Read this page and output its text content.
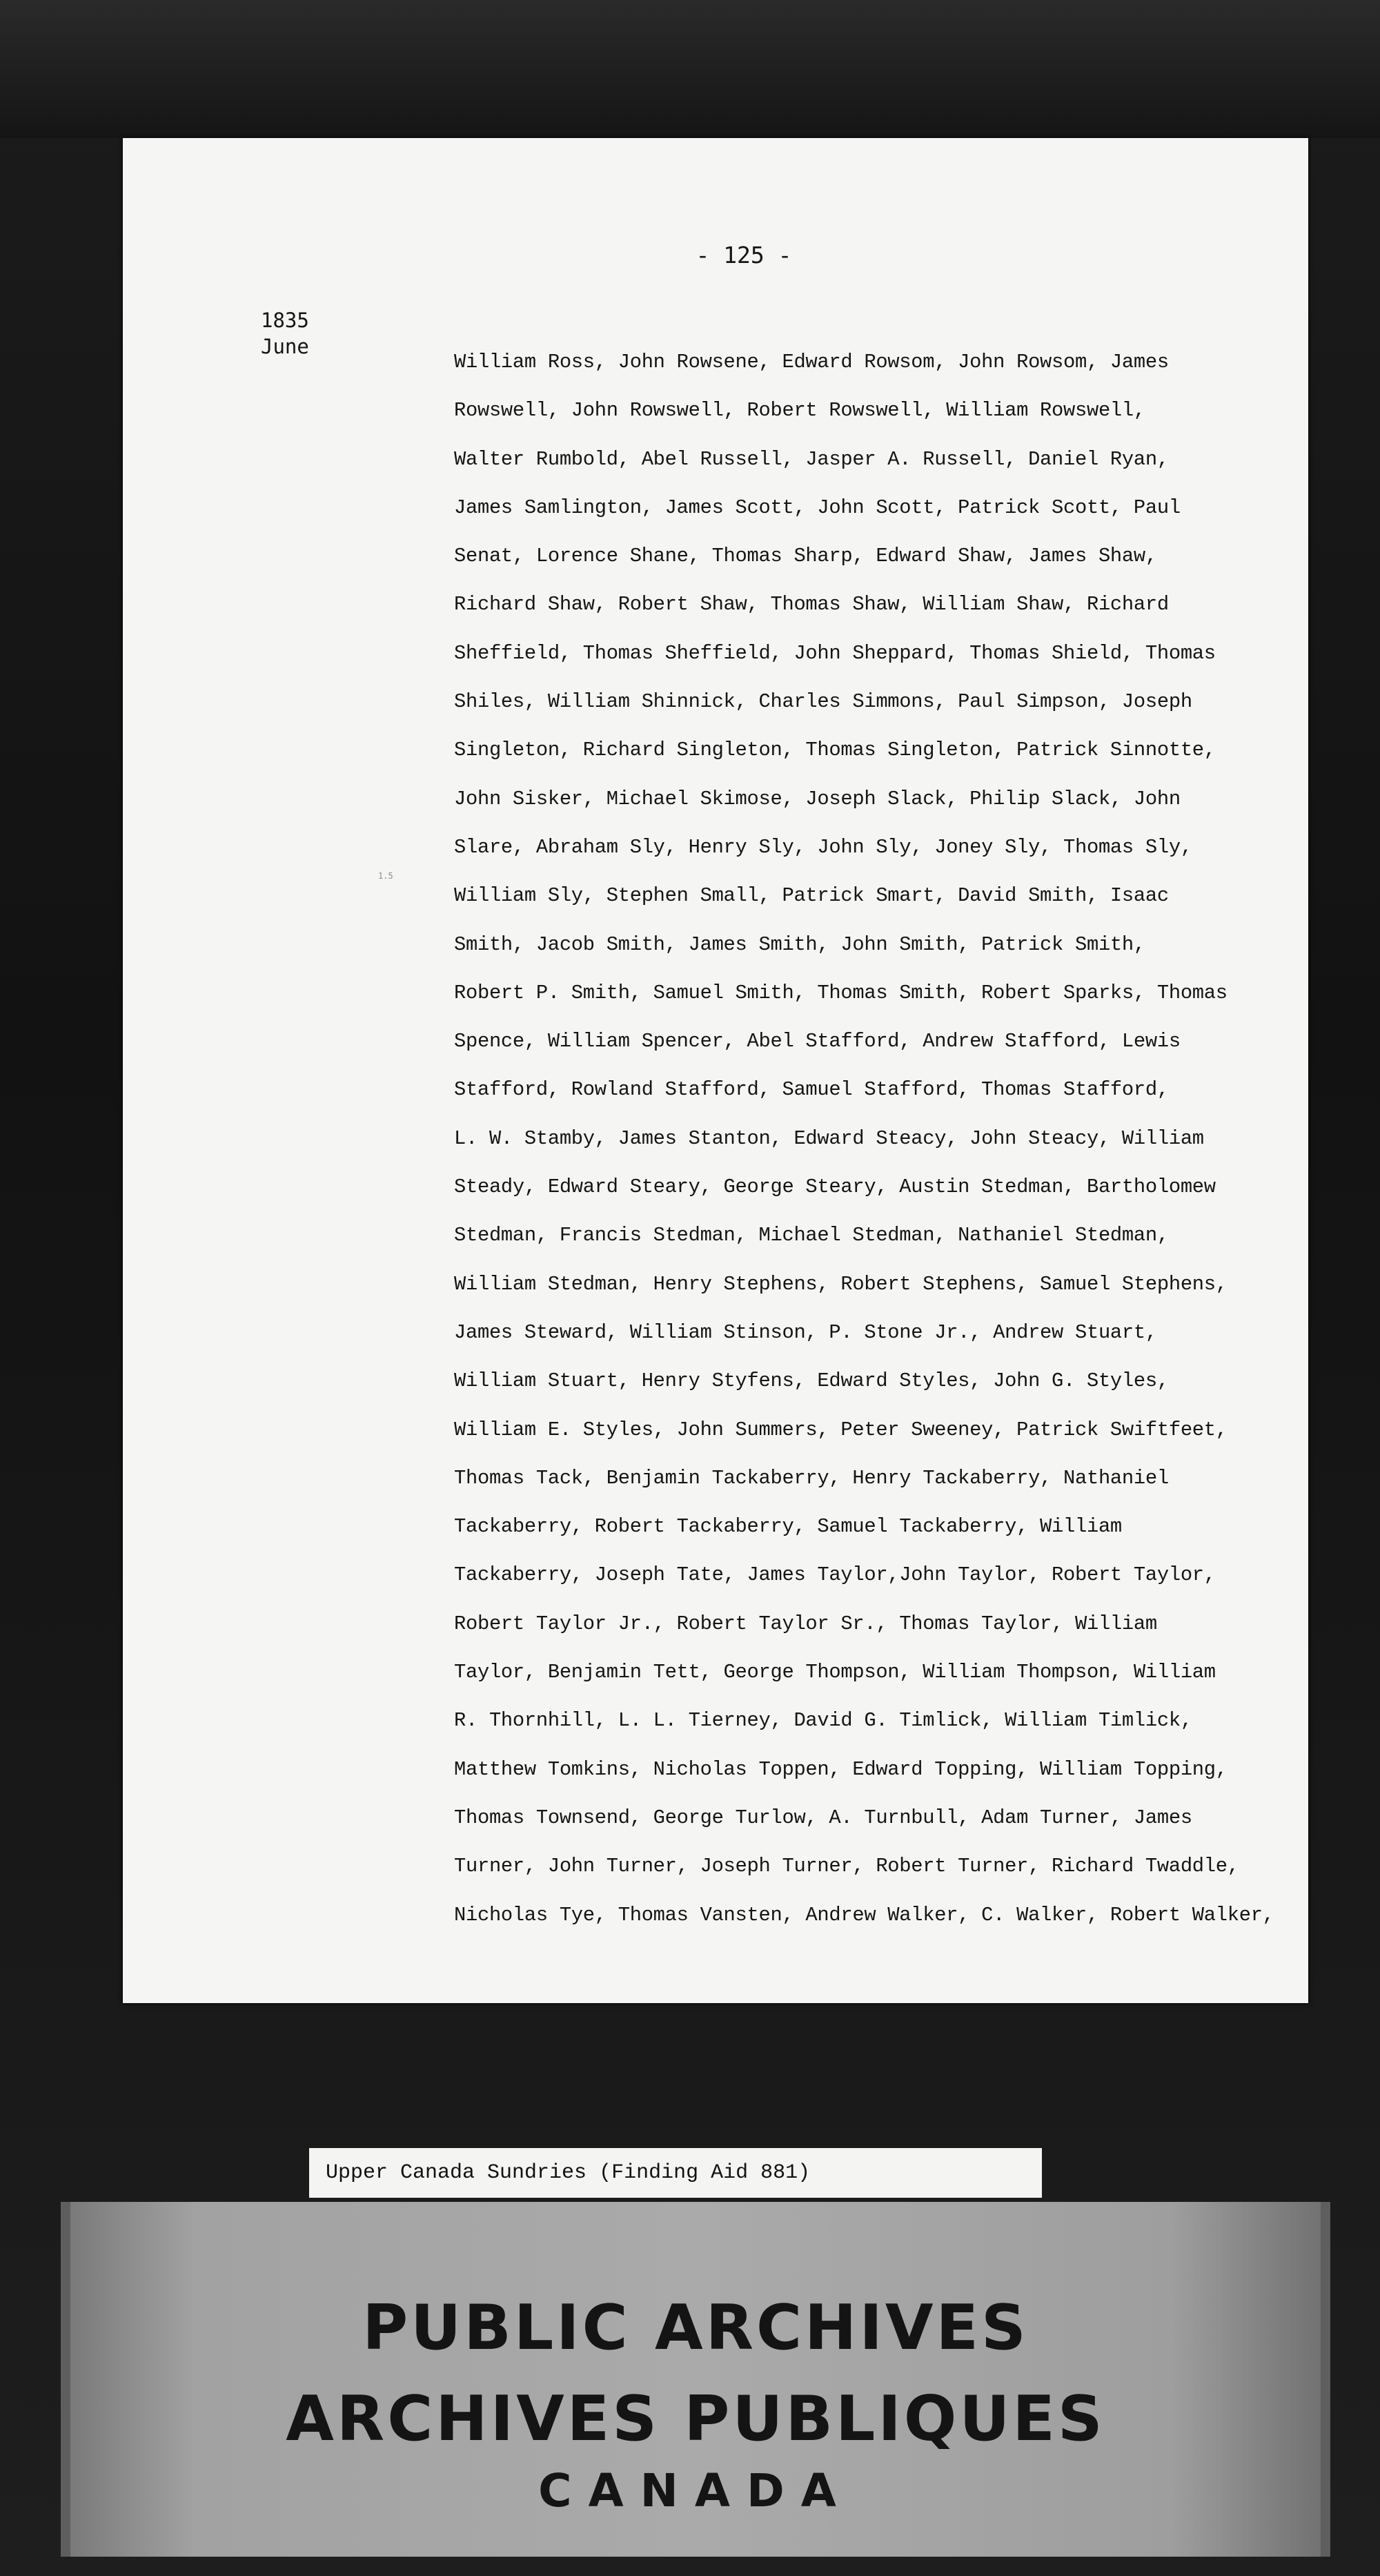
- 125 -
1835
June
William Ross, John Rowsene, Edward Rowsom, John Rowsom, James
Rowswell, John Rowswell, Robert Rowswell, William Rowswell,
Walter Rumbold, Abel Russell, Jasper A. Russell, Daniel Ryan,
James Samlington, James Scott, John Scott, Patrick Scott, Paul
Senat, Lorence Shane, Thomas Sharp, Edward Shaw, James Shaw,
Richard Shaw, Robert Shaw, Thomas Shaw, William Shaw, Richard
Sheffield, Thomas Sheffield, John Sheppard, Thomas Shield, Thomas
Shiles, William Shinnick, Charles Simmons, Paul Simpson, Joseph
Singleton, Richard Singleton, Thomas Singleton, Patrick Sinnotte,
John Sisker, Michael Skimose, Joseph Slack, Philip Slack, John
Slare, Abraham Sly, Henry Sly, John Sly, Joney Sly, Thomas Sly,
William Sly, Stephen Small, Patrick Smart, David Smith, Isaac
Smith, Jacob Smith, James Smith, John Smith, Patrick Smith,
Robert P. Smith, Samuel Smith, Thomas Smith, Robert Sparks, Thomas
Spence, William Spencer, Abel Stafford, Andrew Stafford, Lewis
Stafford, Rowland Stafford, Samuel Stafford, Thomas Stafford,
L. W. Stamby, James Stanton, Edward Steacy, John Steacy, William
Steady, Edward Steary, George Steary, Austin Stedman, Bartholomew
Stedman, Francis Stedman, Michael Stedman, Nathaniel Stedman,
William Stedman, Henry Stephens, Robert Stephens, Samuel Stephens,
James Steward, William Stinson, P. Stone Jr., Andrew Stuart,
William Stuart, Henry Styfens, Edward Styles, John G. Styles,
William E. Styles, John Summers, Peter Sweeney, Patrick Swiftfeet,
Thomas Tack, Benjamin Tackaberry, Henry Tackaberry, Nathaniel
Tackaberry, Robert Tackaberry, Samuel Tackaberry, William
Tackaberry, Joseph Tate, James Taylor,John Taylor, Robert Taylor,
Robert Taylor Jr., Robert Taylor Sr., Thomas Taylor, William
Taylor, Benjamin Tett, George Thompson, William Thompson, William
R. Thornhill, L. L. Tierney, David G. Timlick, William Timlick,
Matthew Tomkins, Nicholas Toppen, Edward Topping, William Topping,
Thomas Townsend, George Turlow, A. Turnbull, Adam Turner, James
Turner, John Turner, Joseph Turner, Robert Turner, Richard Twaddle,
Nicholas Tye, Thomas Vansten, Andrew Walker, C. Walker, Robert Walker,
1.5
Upper Canada Sundries (Finding Aid 881)
PUBLIC ARCHIVES
ARCHIVES PUBLIQUES
CANADA
